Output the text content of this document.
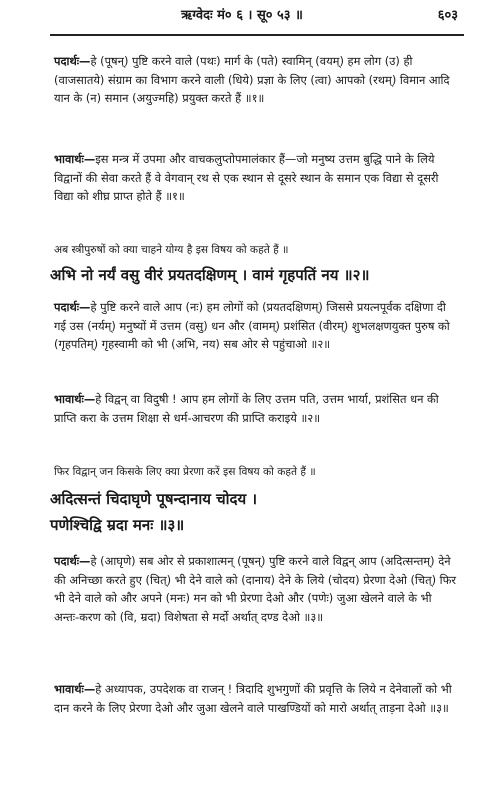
ऋग्वेदः मं० ६ । सू० ५३ ॥	६०३

पदार्थः—हे (पूषन्) पुष्टि करने वाले (पथः) मार्ग के (पते) स्वामिन् (वयम्) हम लोग (उ) ही (वाजसातये) संग्राम का विभाग करने वाली (धिये) प्रज्ञा के लिए (त्वा) आपको (रथम्) विमान आदि यान के (न) समान (अयुज्महि) प्रयुक्त करते हैं ॥१॥

भावार्थः—इस मन्त्र में उपमा और वाचकलुप्तोपमालंकार हैं—जो मनुष्य उत्तम बुद्धि पाने के लिये विद्वानों की सेवा करते हैं वे वेगवान् रथ से एक स्थान से दूसरे स्थान के समान एक विद्या से दूसरी विद्या को शीघ्र प्राप्त होते हैं ॥१॥

अब स्त्रीपुरुषों को क्या चाहने योग्य है इस विषय को कहते हैं ॥

अभि नो नर्यं वसु वीरं प्रयतदक्षिणम् । वामं गृहपतिं नय ॥२॥

पदार्थः—हे पुष्टि करने वाले आप (नः) हम लोगों को (प्रयतदक्षिणम्) जिससे प्रयत्नपूर्वक दक्षिणा दी गई उस (नर्यम्) मनुष्यों में उत्तम (वसु) धन और (वामम्) प्रशंसित (वीरम्) शुभलक्षणयुक्त पुरुष को (गृहपतिम्) गृहस्वामी को भी (अभि, नय) सब ओर से पहुंचाओ ॥२॥

भावार्थः—हे विद्वन् वा विदुषी ! आप हम लोगों के लिए उत्तम पति, उत्तम भार्या, प्रशंसित धन की प्राप्ति करा के उत्तम शिक्षा से धर्म-आचरण की प्राप्ति कराइये ॥२॥

फिर विद्वान् जन किसके लिए क्या प्रेरणा करें इस विषय को कहते हैं ॥

अदित्सन्तं चिदाघृणे पूषन्दानाय चोदय ।

पणेश्चिद्वि म्रदा मनः ॥३॥

पदार्थः—हे (आघृणे) सब ओर से प्रकाशात्मन् (पूषन्) पुष्टि करने वाले विद्वन् आप (अदित्सन्तम्) देने की अनिच्छा करते हुए (चित्) भी देने वाले को (दानाय) देने के लिये (चोदय) प्रेरणा देओ (चित्) फिर भी देने वाले को और अपने (मनः) मन को भी प्रेरणा देओ और (पणेः) जुआ खेलने वाले के भी अन्तः-करण को (वि, म्रदा) विशेषता से मर्दो अर्थात् दण्ड देओ ॥३॥

भावार्थः—हे अध्यापक, उपदेशक वा राजन् ! त्रिदादि शुभगुणों की प्रवृत्ति के लिये न देनेवालों को भी दान करने के लिए प्रेरणा देओ और जुआ खेलने वाले पाखण्डियों को मारो अर्थात् ताड़ना देओ ॥३॥
